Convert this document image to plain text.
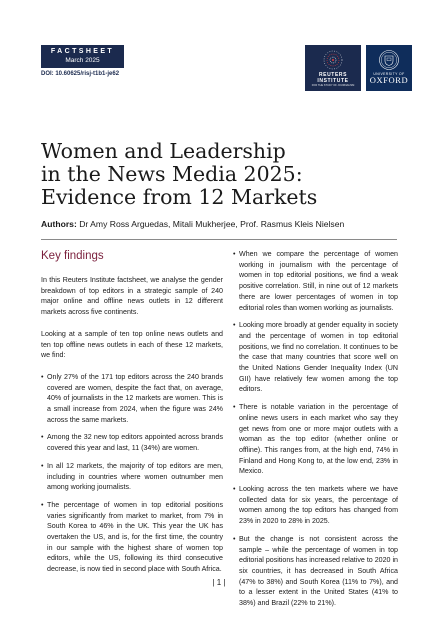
FACTSHEET
March 2025
DOI: 10.60625/risj-t1b1-je62	REUTERS INSTITUTE
FOR THE STUDY OF JOURNALISM
UNIVERSITY OF
OXFORD
Women and Leadership
in the News Media 2025:
Evidence from 12 Markets
Authors: Dr Amy Ross Arguedas, Mitali Mukherjee, Prof. Rasmus Kleis Nielsen
Key findings

In this Reuters Institute factsheet, we analyse the gender breakdown of top editors in a strategic sample of 240 major online and offline news outlets in 12 different markets across five continents.

Looking at a sample of ten top online news outlets and ten top offline news outlets in each of these 12 markets, we find:

• Only 27% of the 171 top editors across the 240 brands covered are women, despite the fact that, on average, 40% of journalists in the 12 markets are women. This is a small increase from 2024, when the figure was 24% across the same markets.
• Among the 32 new top editors appointed across brands covered this year and last, 11 (34%) are women.
• In all 12 markets, the majority of top editors are men, including in countries where women outnumber men among working journalists.
• The percentage of women in top editorial positions varies significantly from market to market, from 7% in South Korea to 46% in the UK. This year the UK has overtaken the US, and is, for the first time, the country in our sample with the highest share of women top editors, while the US, following its third consecutive decrease, is now tied in second place with South Africa.
• When we compare the percentage of women working in journalism with the percentage of women in top editorial positions, we find a weak positive correlation. Still, in nine out of 12 markets there are lower percentages of women in top editorial roles than women working as journalists.
• Looking more broadly at gender equality in society and the percentage of women in top editorial positions, we find no correlation. It continues to be the case that many countries that score well on the United Nations Gender Inequality Index (UN GII) have relatively few women among the top editors.
• There is notable variation in the percentage of online news users in each market who say they get news from one or more major outlets with a woman as the top editor (whether online or offline). This ranges from, at the high end, 74% in Finland and Hong Kong to, at the low end, 23% in Mexico.
• Looking across the ten markets where we have collected data for six years, the percentage of women among the top editors has changed from 23% in 2020 to 28% in 2025.
• But the change is not consistent across the sample – while the percentage of women in top editorial positions has increased relative to 2020 in six countries, it has decreased in South Africa (47% to 38%) and South Korea (11% to 7%), and to a lesser extent in the United States (41% to 38%) and Brazil (22% to 21%).
| 1 |
